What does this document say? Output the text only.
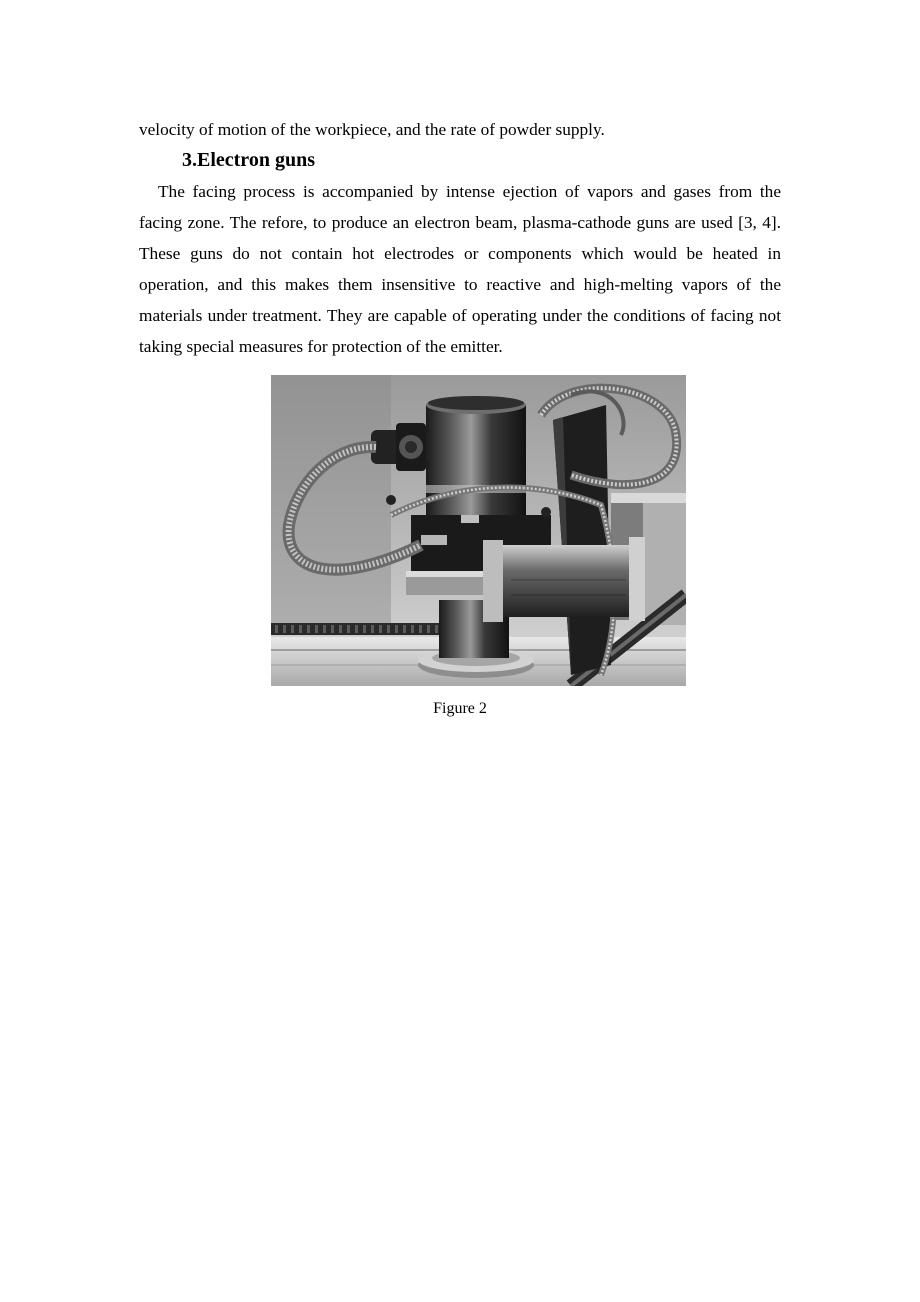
velocity of motion of the workpiece, and the rate of powder supply.

3.Electron guns

The facing process is accompanied by intense ejection of vapors and gases from the facing zone. The refore, to produce an electron beam, plasma-cathode guns are used [3, 4]. These guns do not contain hot electrodes or components which would be heated in operation, and this makes them insensitive to reactive and high-melting vapors of the materials under treatment. They are capable of operating under the conditions of facing not taking special measures for protection of the emitter.

Figure 2
